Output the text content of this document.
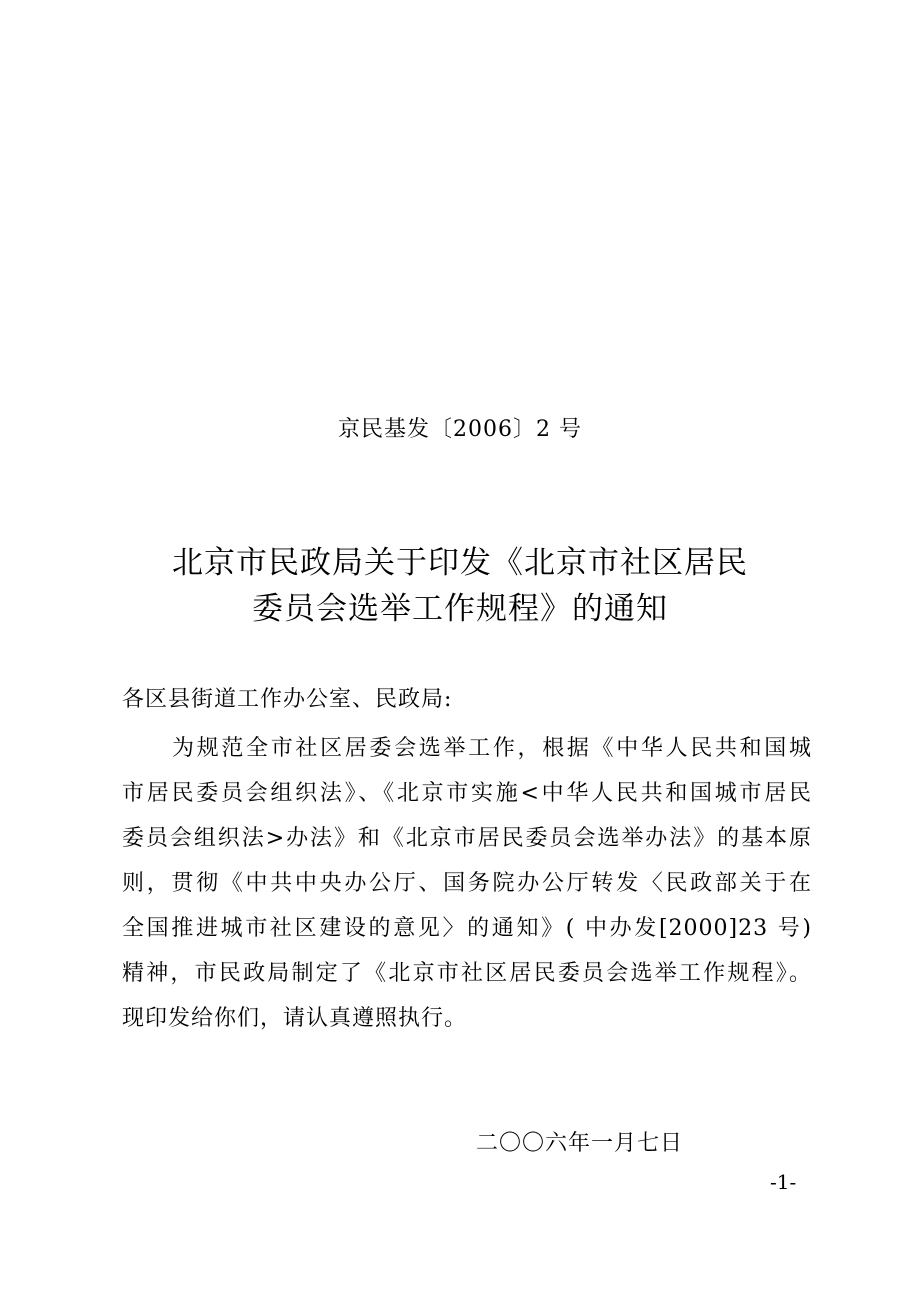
京民基发〔2006〕2 号
北京市民政局关于印发《北京市社区居民
委员会选举工作规程》的通知
各区县街道工作办公室、民政局:
为规范全市社区居委会选举工作，根据《中华人民共和国城
市居民委员会组织法》、《北京市实施<中华人民共和国城市居民
委员会组织法>办法》和《北京市居民委员会选举办法》的基本原
则，贯彻《中共中央办公厅、国务院办公厅转发〈民政部关于在
全国推进城市社区建设的意见〉的通知》( 中办发[2000]23 号)
精神，市民政局制定了《北京市社区居民委员会选举工作规程》。
现印发给你们，请认真遵照执行。
二〇〇六年一月七日
-1-
